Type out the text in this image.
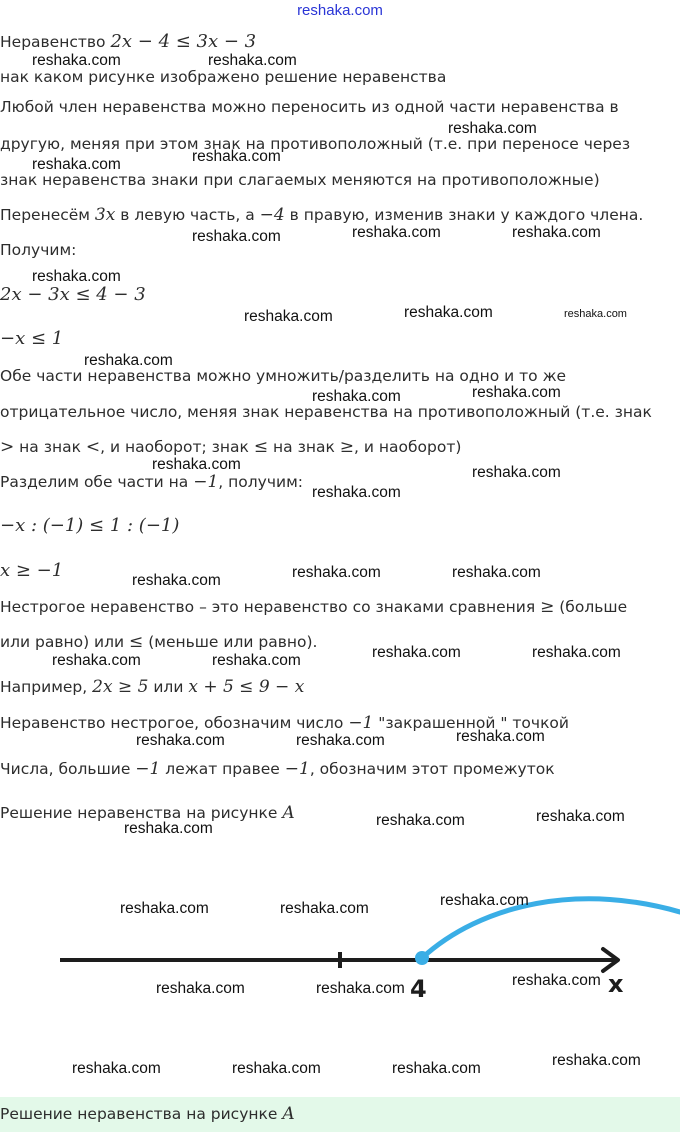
reshaka.com
Неравенство 2x − 4 ≤ 3x − 3
нак каком рисунке изображено решение неравенства
Любой член неравенства можно переносить из одной части неравенства в
другую, меняя при этом знак на противоположный (т.е. при переносе через
знак неравенства знаки при слагаемых меняются на противоположные)
Перенесём 3x в левую часть, а −4 в правую, изменив знаки у каждого члена.
Получим:
2x − 3x ≤ 4 − 3
−x ≤ 1
Обе части неравенства можно умножить/разделить на одно и то же
отрицательное число, меняя знак неравенства на противоположный (т.е. знак
> на знак <, и наоборот; знак ≤ на знак ≥, и наоборот)
Разделим обе части на −1, получим:
−x : (−1) ≤ 1 : (−1)
x ≥ −1
Нестрогое неравенство – это неравенство со знаками сравнения ≥ (больше
или равно) или ≤ (меньше или равно).
Например, 2x ≥ 5 или x + 5 ≤ 9 − x
Неравенство нестрогое, обозначим число −1 "закрашенной " точкой
Числа, большие −1 лежат правее −1, обозначим этот промежуток
Решение неравенства на рисунке A
4	x
Решение неравенства на рисунке A
reshaka.com	reshaka.com
reshaka.com
reshaka.com	reshaka.com
reshaka.com	reshaka.com	reshaka.com
reshaka.com
reshaka.com	reshaka.com	reshaka.com
reshaka.com
reshaka.com	reshaka.com
reshaka.com
reshaka.com
reshaka.com
reshaka.com	reshaka.com	reshaka.com
reshaka.com	reshaka.com	reshaka.com	reshaka.com
reshaka.com	reshaka.com	reshaka.com
reshaka.com	reshaka.com	reshaka.com
reshaka.com	reshaka.com	reshaka.com
reshaka.com	reshaka.com	reshaka.com
reshaka.com	reshaka.com	reshaka.com	reshaka.com
